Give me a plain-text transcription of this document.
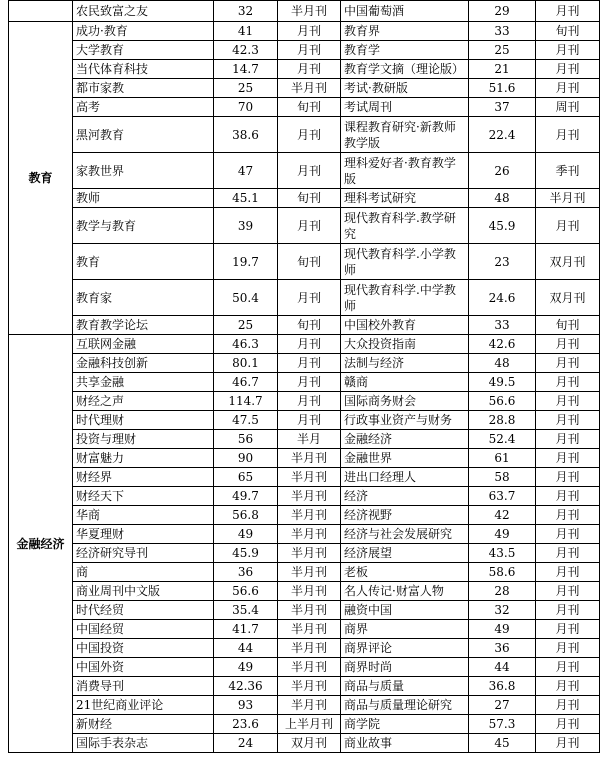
	农民致富之友	32	半月刊	中国葡萄酒	29	月刊
教育	成功·教育	41	月刊	教育界	33	旬刊
	大学教育	42.3	月刊	教育学	25	月刊
	当代体育科技	14.7	月刊	教育学文摘（理论版）	21	月刊
	都市家教	25	半月刊	考试·教研版	51.6	月刊
	高考	70	旬刊	考试周刊	37	周刊
	黑河教育	38.6	月刊	课程教育研究·新教师教学版	22.4	月刊
	家教世界	47	月刊	理科爱好者·教育教学版	26	季刊
	教师	45.1	旬刊	理科考试研究	48	半月刊
	教学与教育	39	月刊	现代教育科学.教学研究	45.9	月刊
	教育	19.7	旬刊	现代教育科学.小学教师	23	双月刊
	教育家	50.4	月刊	现代教育科学.中学教师	24.6	双月刊
	教育教学论坛	25	旬刊	中国校外教育	33	旬刊
金融经济	互联网金融	46.3	月刊	大众投资指南	42.6	月刊
	金融科技创新	80.1	月刊	法制与经济	48	月刊
	共享金融	46.7	月刊	赣商	49.5	月刊
	财经之声	114.7	月刊	国际商务财会	56.6	月刊
	时代理财	47.5	月刊	行政事业资产与财务	28.8	月刊
	投资与理财	56	半月	金融经济	52.4	月刊
	财富魅力	90	半月刊	金融世界	61	月刊
	财经界	65	半月刊	进出口经理人	58	月刊
	财经天下	49.7	半月刊	经济	63.7	月刊
	华商	56.8	半月刊	经济视野	42	月刊
	华夏理财	49	半月刊	经济与社会发展研究	49	月刊
	经济研究导刊	45.9	半月刊	经济展望	43.5	月刊
	商	36	半月刊	老板	58.6	月刊
	商业周刊中文版	56.6	半月刊	名人传记·财富人物	28	月刊
	时代经贸	35.4	半月刊	融资中国	32	月刊
	中国经贸	41.7	半月刊	商界	49	月刊
	中国投资	44	半月刊	商界评论	36	月刊
	中国外资	49	半月刊	商界时尚	44	月刊
	消费导刊	42.36	半月刊	商品与质量	36.8	月刊
	21世纪商业评论	93	半月刊	商品与质量理论研究	27	月刊
	新财经	23.6	上半月刊	商学院	57.3	月刊
	国际手表杂志	24	双月刊	商业故事	45	月刊
